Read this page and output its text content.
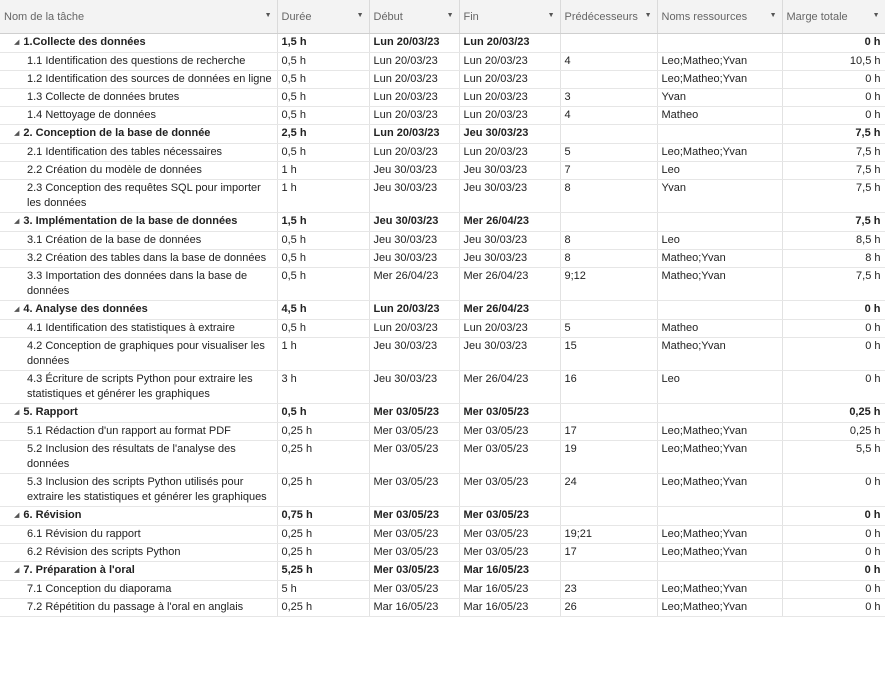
Nom de la tâche ▼	Durée ▼	Début ▼	Fin ▼	Prédécesseurs ▼	Noms ressources ▼	Marge totale ▼

◢ 1.Collecte des données	1,5 h	Lun 20/03/23	Lun 20/03/23			0 h
1.1 Identification des questions de recherche	0,5 h	Lun 20/03/23	Lun 20/03/23	4	Leo;Matheo;Yvan	10,5 h
1.2 Identification des sources de données en ligne	0,5 h	Lun 20/03/23	Lun 20/03/23		Leo;Matheo;Yvan	0 h
1.3 Collecte de données brutes	0,5 h	Lun 20/03/23	Lun 20/03/23	3	Yvan	0 h
1.4 Nettoyage de données	0,5 h	Lun 20/03/23	Lun 20/03/23	4	Matheo	0 h
◢ 2. Conception de la base de donnée	2,5 h	Lun 20/03/23	Jeu 30/03/23			7,5 h
2.1 Identification des tables nécessaires	0,5 h	Lun 20/03/23	Lun 20/03/23	5	Leo;Matheo;Yvan	7,5 h
2.2 Création du modèle de données	1 h	Jeu 30/03/23	Jeu 30/03/23	7	Leo	7,5 h
2.3 Conception des requêtes SQL pour importer les données	1 h	Jeu 30/03/23	Jeu 30/03/23	8	Yvan	7,5 h
◢ 3. Implémentation de la base de données	1,5 h	Jeu 30/03/23	Mer 26/04/23			7,5 h
3.1 Création de la base de données	0,5 h	Jeu 30/03/23	Jeu 30/03/23	8	Leo	8,5 h
3.2 Création des tables dans la base de données	0,5 h	Jeu 30/03/23	Jeu 30/03/23	8	Matheo;Yvan	8 h
3.3 Importation des données dans la base de données	0,5 h	Mer 26/04/23	Mer 26/04/23	9;12	Matheo;Yvan	7,5 h
◢ 4. Analyse des données	4,5 h	Lun 20/03/23	Mer 26/04/23			0 h
4.1 Identification des statistiques à extraire	0,5 h	Lun 20/03/23	Lun 20/03/23	5	Matheo	0 h
4.2 Conception de graphiques pour visualiser les données	1 h	Jeu 30/03/23	Jeu 30/03/23	15	Matheo;Yvan	0 h
4.3 Écriture de scripts Python pour extraire les statistiques et générer les graphiques	3 h	Jeu 30/03/23	Mer 26/04/23	16	Leo	0 h
◢ 5. Rapport	0,5 h	Mer 03/05/23	Mer 03/05/23			0,25 h
5.1 Rédaction d'un rapport au format PDF	0,25 h	Mer 03/05/23	Mer 03/05/23	17	Leo;Matheo;Yvan	0,25 h
5.2 Inclusion des résultats de l'analyse des données	0,25 h	Mer 03/05/23	Mer 03/05/23	19	Leo;Matheo;Yvan	5,5 h
5.3 Inclusion des scripts Python utilisés pour extraire les statistiques et générer les graphiques	0,25 h	Mer 03/05/23	Mer 03/05/23	24	Leo;Matheo;Yvan	0 h
◢ 6. Révision	0,75 h	Mer 03/05/23	Mer 03/05/23			0 h
6.1 Révision du rapport	0,25 h	Mer 03/05/23	Mer 03/05/23	19;21	Leo;Matheo;Yvan	0 h
6.2 Révision des scripts Python	0,25 h	Mer 03/05/23	Mer 03/05/23	17	Leo;Matheo;Yvan	0 h
◢ 7. Préparation à l'oral	5,25 h	Mer 03/05/23	Mar 16/05/23			0 h
7.1 Conception du diaporama	5 h	Mer 03/05/23	Mar 16/05/23	23	Leo;Matheo;Yvan	0 h
7.2 Répétition du passage à l'oral en anglais	0,25 h	Mar 16/05/23	Mar 16/05/23	26	Leo;Matheo;Yvan	0 h
